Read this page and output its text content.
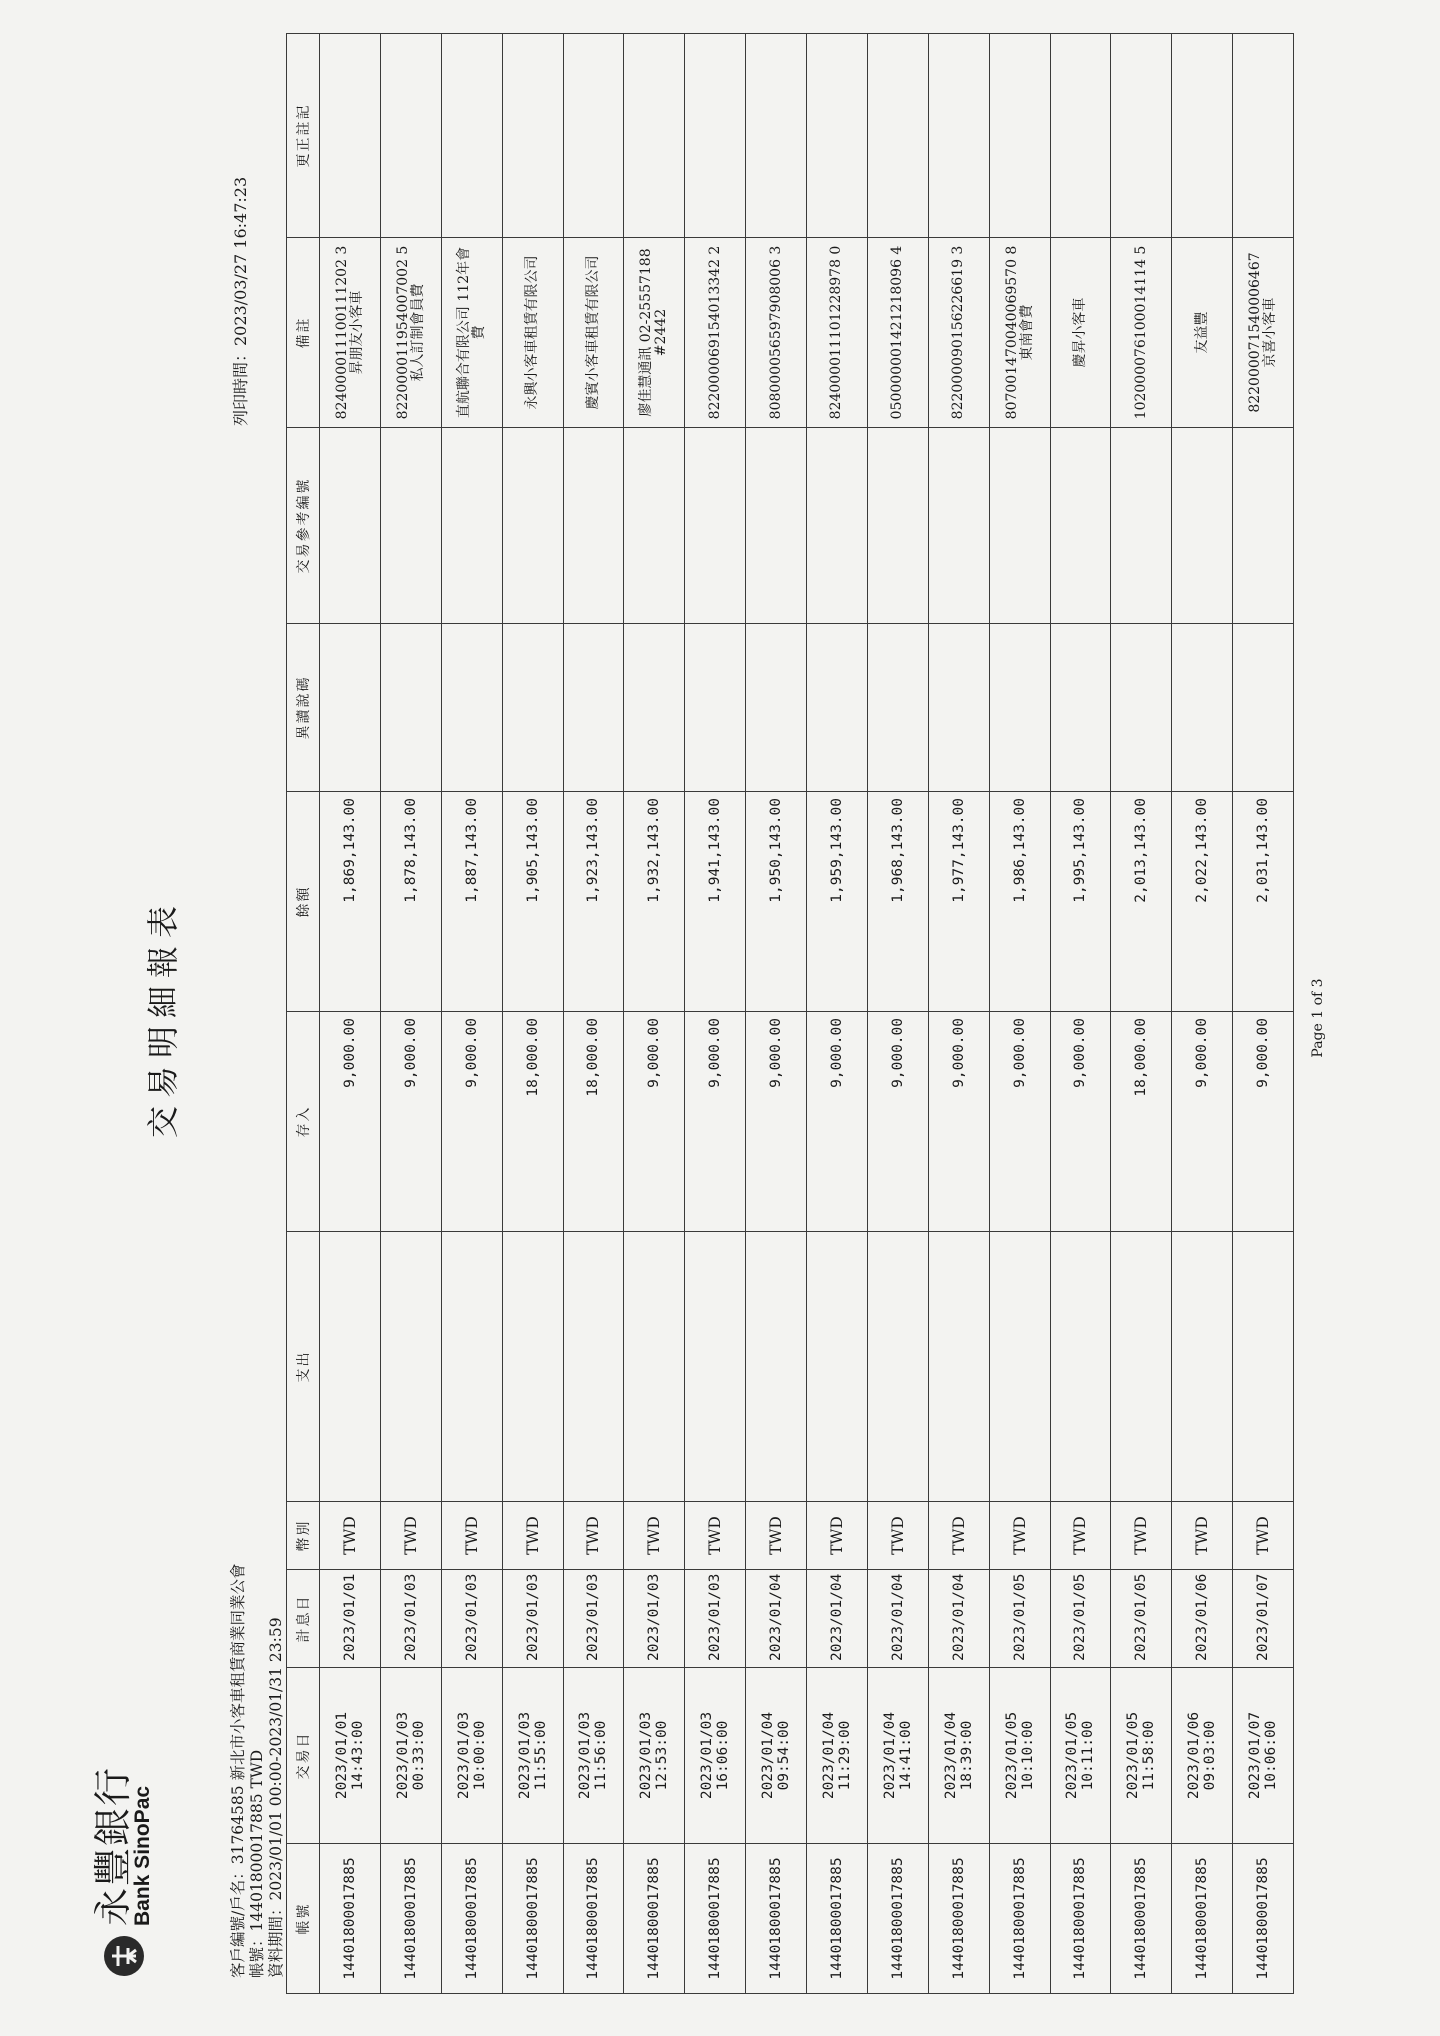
永豐銀行
Bank SinoPac
交易明細報表
列印時間：2023/03/27 16:47:23
客戶編號/戶名：31764585 新北市小客車租賃商業同業公會 帳號：14401800017885 TWD 資料期間：2023/01/01 00:00-2023/01/31 23:59 帳號	交易日	計息日	幣別	支出	存入	餘額	異讀說碼	交易參考編號	備註	更正註記
14401800017885	2023/01/01 14:43:00	2023/01/01	TWD		9,000.00	1,869,143.00			824000011100111202 3昇朋友小客車	
14401800017885	2023/01/03 00:33:00	2023/01/03	TWD		9,000.00	1,878,143.00			822000011954007002 5私人訂制會員費	
14401800017885	2023/01/03 10:00:00	2023/01/03	TWD		9,000.00	1,887,143.00			直航聯合有限公司 112年會費	
14401800017885	2023/01/03 11:55:00	2023/01/03	TWD		18,000.00	1,905,143.00			永興小客車租賃有限公司	
14401800017885	2023/01/03 11:56:00	2023/01/03	TWD		18,000.00	1,923,143.00			慶賓小客車租賃有限公司	
14401800017885	2023/01/03 12:53:00	2023/01/03	TWD		9,000.00	1,932,143.00			廖佳慧通訊 02-25557188#2442	
14401800017885	2023/01/03 16:06:00	2023/01/03	TWD		9,000.00	1,941,143.00			822000069154013342 2	
14401800017885	2023/01/04 09:54:00	2023/01/04	TWD		9,000.00	1,950,143.00			808000056597908006 3	
14401800017885	2023/01/04 11:29:00	2023/01/04	TWD		9,000.00	1,959,143.00			824000011101228978 0	
14401800017885	2023/01/04 14:41:00	2023/01/04	TWD		9,000.00	1,968,143.00			050000001421218096 4	
14401800017885	2023/01/04 18:39:00	2023/01/04	TWD		9,000.00	1,977,143.00			822000090156226619 3	
14401800017885	2023/01/05 10:10:00	2023/01/05	TWD		9,000.00	1,986,143.00			807001470040069570 8東南會費	
14401800017885	2023/01/05 10:11:00	2023/01/05	TWD		9,000.00	1,995,143.00			慶昇小客車	
14401800017885	2023/01/05 11:58:00	2023/01/05	TWD		18,000.00	2,013,143.00			102000076100014114 5	
14401800017885	2023/01/06 09:03:00	2023/01/06	TWD		9,000.00	2,022,143.00			友益豐	
14401800017885	2023/01/07 10:06:00	2023/01/07	TWD		9,000.00	2,031,143.00			822000071540006467 京喜小客車	
Page 1 of 3
